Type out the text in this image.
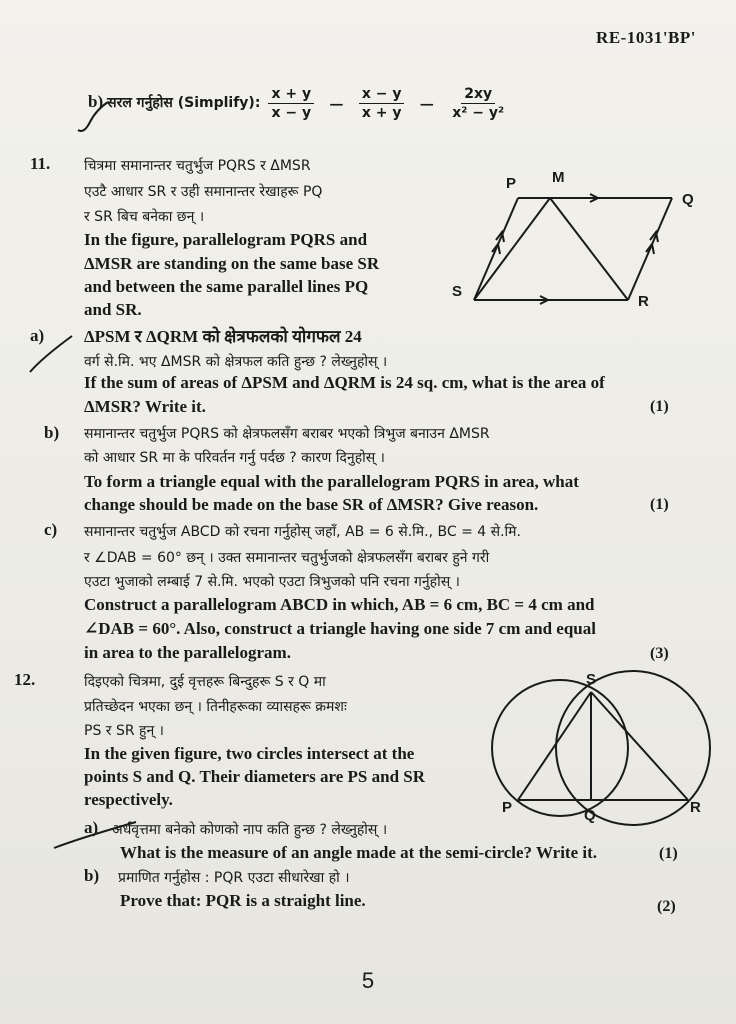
RE-1031'BP'
b) सरल गर्नुहोस (Simplify): $\frac{x + y}{x - y} - \frac{x - y}{x + y} - \frac{2xy}{\text{x² − y²}}$
11. चित्रमा समानान्तर चतुर्भुज PQRS र ΔMSR
एउटै आधार SR र उही समानान्तर रेखाहरू PQ
र SR बिच बनेका छन् ।
In the figure, parallelogram PQRS and
ΔMSR are standing on the same base SR
and between the same parallel lines PQ
and SR.
P M
Q
S
R
a) ΔPSM र ΔQRM को क्षेत्रफलको योगफल 24
वर्ग से.मि. भए ΔMSR को क्षेत्रफल कति हुन्छ ? लेख्नुहोस् ।
If the sum of areas of ΔPSM and ΔQRM is 24 sq. cm, what is the area of
ΔMSR? Write it.	(1)
b) समानान्तर चतुर्भुज PQRS को क्षेत्रफलसँग बराबर भएको त्रिभुज बनाउन ΔMSR
को आधार SR मा के परिवर्तन गर्नु पर्दछ ? कारण दिनुहोस् ।
To form a triangle equal with the parallelogram PQRS in area, what
change should be made on the base SR of ΔMSR? Give reason.	(1)
c) समानान्तर चतुर्भुज ABCD को रचना गर्नुहोस् जहाँ, AB = 6 से.मि., BC = 4 से.मि.
र ∠DAB = 60° छन् । उक्त समानान्तर चतुर्भुजको क्षेत्रफलसँग बराबर हुने गरी
एउटा भुजाको लम्बाई 7 से.मि. भएको एउटा त्रिभुजको पनि रचना गर्नुहोस् ।
Construct a parallelogram ABCD in which, AB = 6 cm, BC = 4 cm and
∠DAB = 60°. Also, construct a triangle having one side 7 cm and equal
in area to the parallelogram.	(3)
12.	दिइएको चित्रमा, दुई वृत्तहरू बिन्दुहरू S र Q मा
प्रतिच्छेदन भएका छन् । तिनीहरूका व्यासहरू क्रमशः
PS र SR हुन् ।
In the given figure, two circles intersect at the
points S and Q. Their diameters are PS and SR
respectively.
S
P	Q	R
a) अर्धवृत्तमा बनेको कोणको नाप कति हुन्छ ? लेख्नुहोस् ।
What is the measure of an angle made at the semi-circle? Write it.	(1)
b) प्रमाणित गर्नुहोस : PQR एउटा सीधारेखा हो ।
Prove that: PQR is a straight line.	(2)
5
